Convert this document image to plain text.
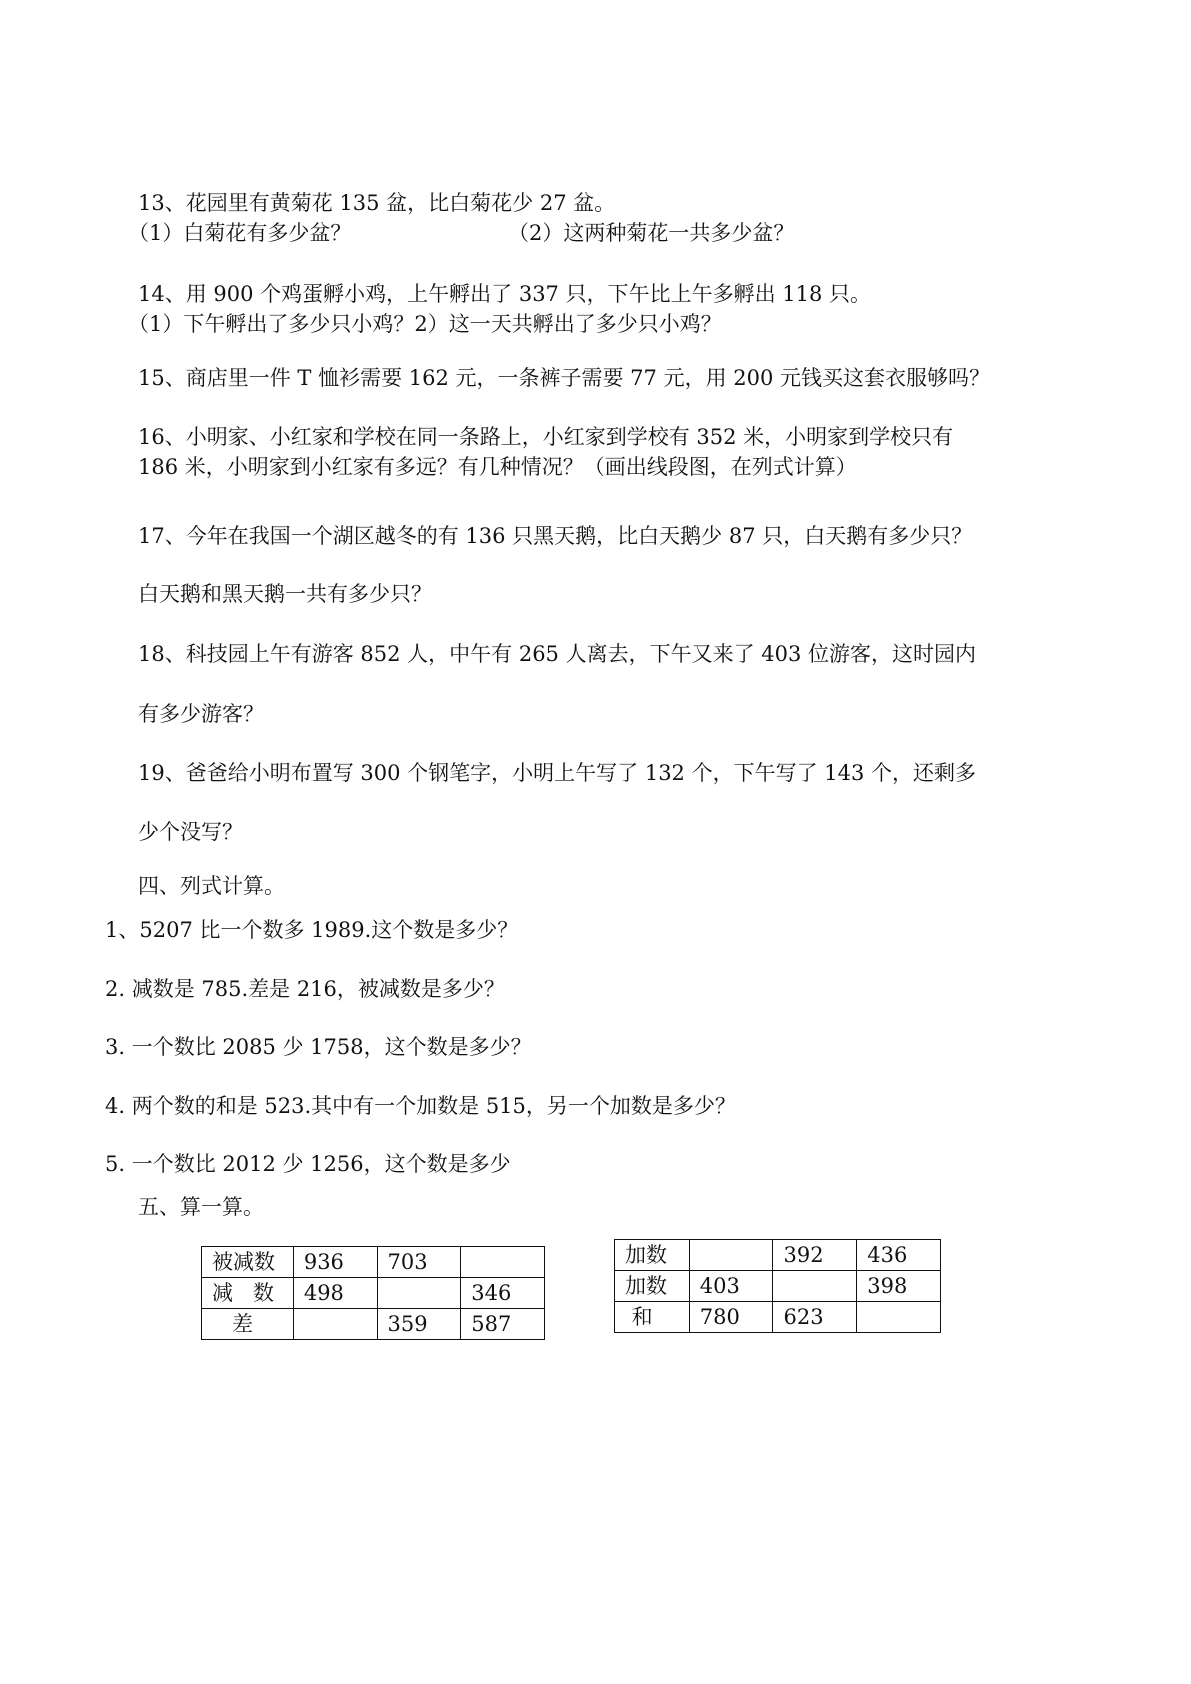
13、花园里有黄菊花 135 盆，比白菊花少 27 盆。
（1）白菊花有多少盆？	（2）这两种菊花一共多少盆？
14、用 900 个鸡蛋孵小鸡，上午孵出了 337 只，下午比上午多孵出 118 只。
（1）下午孵出了多少只小鸡？2）这一天共孵出了多少只小鸡？
15、商店里一件 T 恤衫需要 162 元，一条裤子需要 77 元，用 200 元钱买这套衣服够吗？
16、小明家、小红家和学校在同一条路上，小红家到学校有 352 米，小明家到学校只有
186 米，小明家到小红家有多远？有几种情况？（画出线段图，在列式计算）
17、今年在我国一个湖区越冬的有 136 只黑天鹅，比白天鹅少 87 只，白天鹅有多少只？
白天鹅和黑天鹅一共有多少只？
18、科技园上午有游客 852 人，中午有 265 人离去，下午又来了 403 位游客，这时园内
有多少游客？
19、爸爸给小明布置写 300 个钢笔字，小明上午写了 132 个，下午写了 143 个，还剩多
少个没写？
四、列式计算。
1、5207 比一个数多 1989.这个数是多少？
2. 减数是 785.差是 216，被减数是多少？
3. 一个数比 2085 少 1758，这个数是多少？
4. 两个数的和是 523.其中有一个加数是 515，另一个加数是多少？
5. 一个数比 2012 少 1256，这个数是多少
五、算一算。
被减数	936	703	
减   数	498		346
差		359	587
加数		392	436
加数	403		398
和	780	623	
